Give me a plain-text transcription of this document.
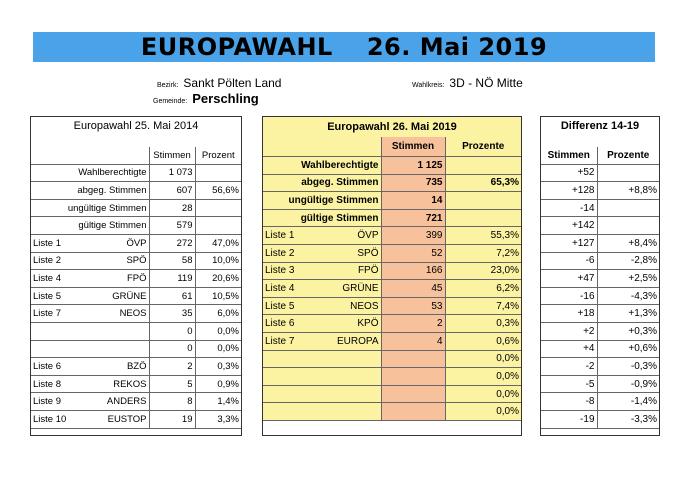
EUROPAWAHL 26. Mai 2019
Bezirk: Sankt Pölten Land
Gemeinde: Perschling
Wahlkreis: 3D - NÖ Mitte
Europawahl 25. Mai 2014
		Stimmen	Prozent
Wahlberechtigte		1 073	
abgeg. Stimmen		607	56,6%
ungültige Stimmen		28	
gültige Stimmen		579	
Liste 1	ÖVP	272	47,0%
Liste 2	SPÖ	58	10,0%
Liste 4	FPÖ	119	20,6%
Liste 5	GRÜNE	61	10,5%
Liste 7	NEOS	35	6,0%
		0	0,0%
		0	0,0%
Liste 6	BZÖ	2	0,3%
Liste 8	REKOS	5	0,9%
Liste 9	ANDERS	8	1,4%
Liste 10	EUSTOP	19	3,3%
Europawahl 26. Mai 2019			
		Stimmen	Prozente
Wahlberechtigte		1 125	
abgeg. Stimmen		735	65,3%
ungültige Stimmen		14	
gültige Stimmen		721	
Liste 1	ÖVP	399	55,3%
Liste 2	SPÖ	52	7,2%
Liste 3	FPÖ	166	23,0%
Liste 4	GRÜNE	45	6,2%
Liste 5	NEOS	53	7,4%
Liste 6	KPÖ	2	0,3%
Liste 7	EUROPA	4	0,6%
			0,0%
			0,0%
			0,0%
			0,0%
Differenz 14-19
Stimmen	Prozente
+52	
+128	+8,8%
-14	
+142	
+127	+8,4%
-6	-2,8%
+47	+2,5%
-16	-4,3%
+18	+1,3%
+2	+0,3%
+4	+0,6%
-2	-0,3%
-5	-0,9%
-8	-1,4%
-19	-3,3%
